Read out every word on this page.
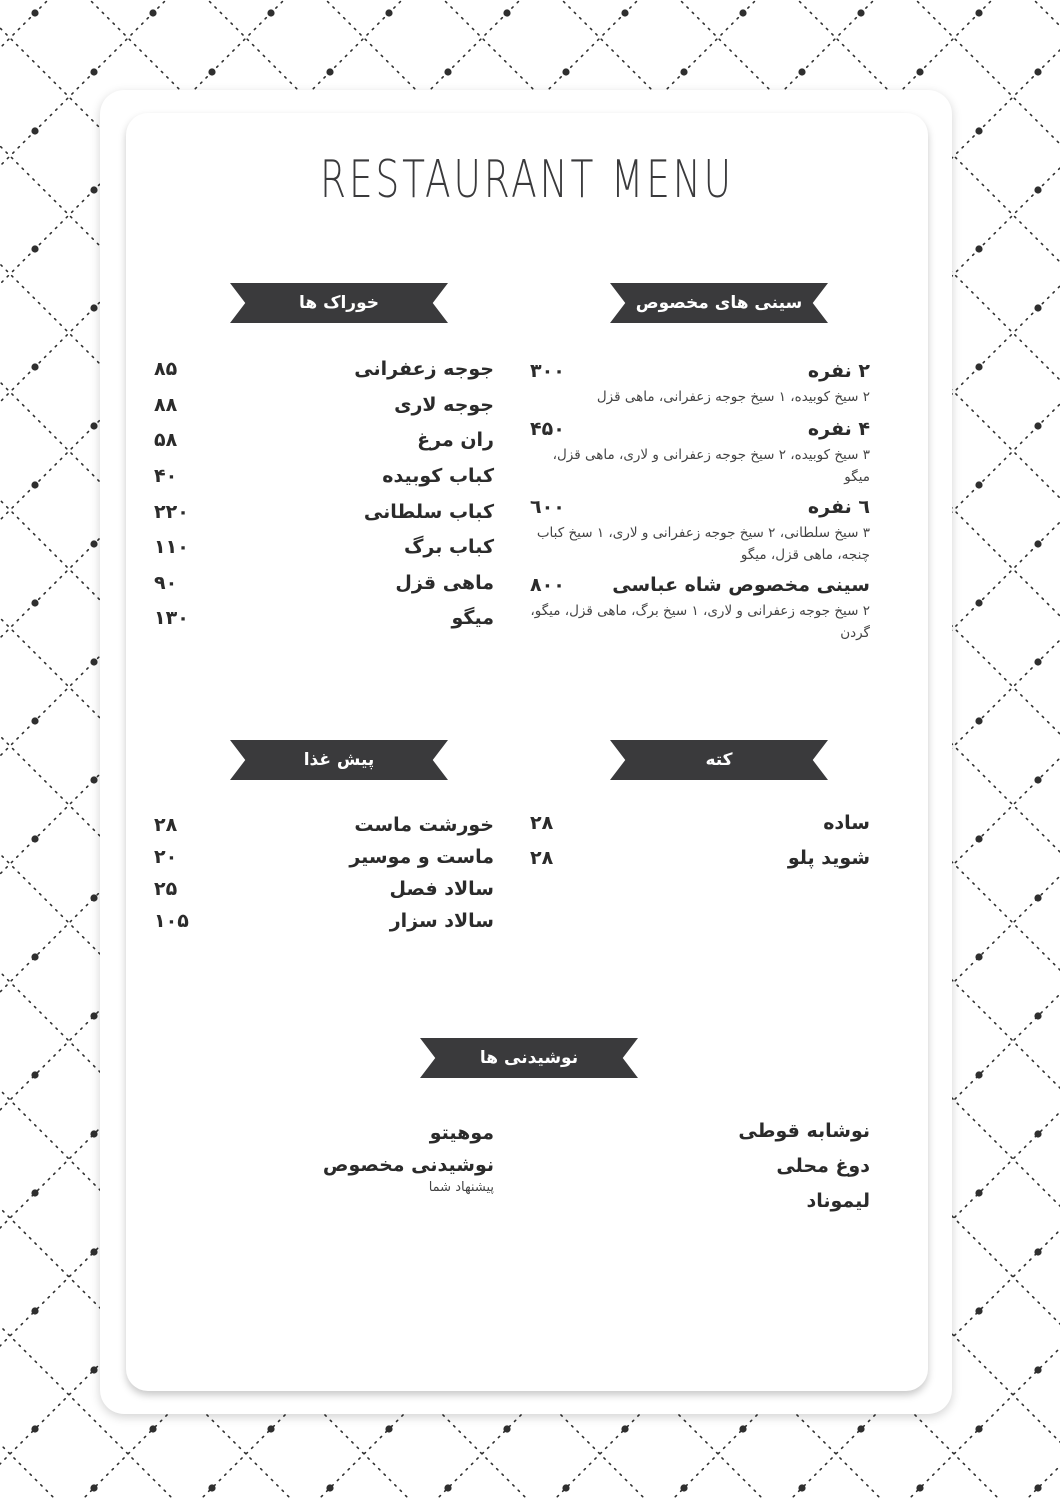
RESTAURANT MENU
سینی های مخصوص
خوراک ها
کته
پیش غذا
نوشیدنی ها
۲ نفره
۳۰۰
۲ سیخ کوبیده، ۱ سیخ جوجه زعفرانی، ماهی قزل
۴ نفره
۴۵۰
۳ سیخ کوبیده، ۲ سیخ جوجه زعفرانی و لاری، ماهی قزل، میگو
٦ نفره
٦۰۰
۳ سیخ سلطانی، ۲ سیخ جوجه زعفرانی و لاری، ۱ سیخ کباب چنجه، ماهی قزل، میگو
سینی مخصوص شاه عباسی
۸۰۰
۲ سیخ جوجه زعفرانی و لاری، ۱ سیخ برگ، ماهی قزل، میگو، گردن
جوجه زعفرانی
۸۵
جوجه لاری
۸۸
ران مرغ
۵۸
کباب کوبیده
۴۰
کباب سلطانی
۲۲۰
کباب برگ
۱۱۰
ماهی قزل
۹۰
میگو
۱۳۰
ساده
۲۸
شوید پلو
۲۸
خورشت ماست
۲۸
ماست و موسیر
۲۰
سالاد فصل
۲۵
سالاد سزار
۱۰۵
نوشابه قوطی
دوغ محلی
لیموناد
موهیتو
نوشیدنی مخصوص
پیشنهاد شما
